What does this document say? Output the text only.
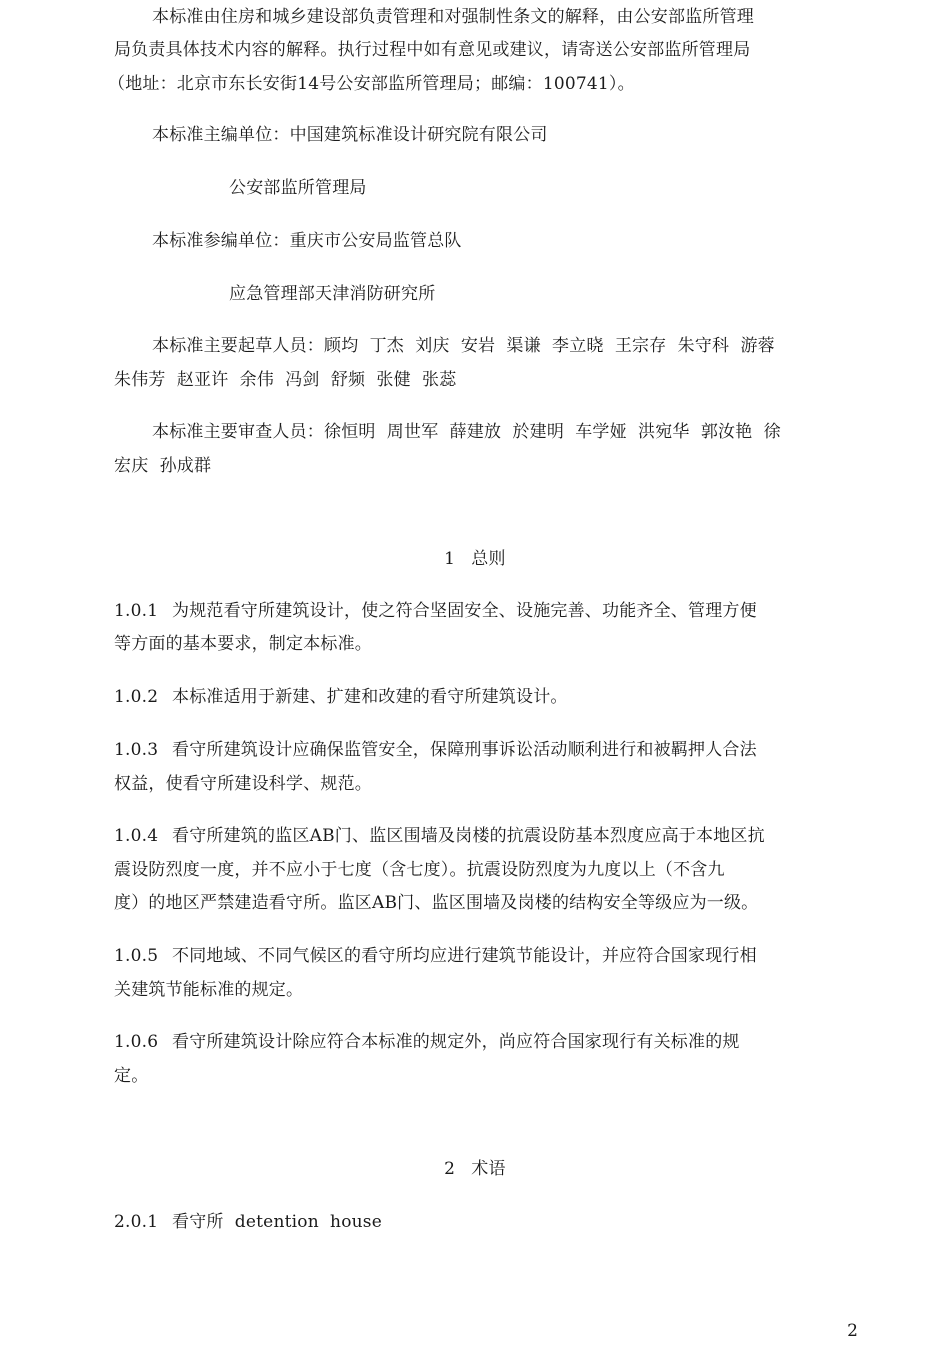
本标准由住房和城乡建设部负责管理和对强制性条文的解释，由公安部监所管理
局负责具体技术内容的解释。执行过程中如有意见或建议，请寄送公安部监所管理局
（地址：北京市东长安街14号公安部监所管理局；邮编：100741）。
本标准主编单位：中国建筑标准设计研究院有限公司
公安部监所管理局
本标准参编单位：重庆市公安局监管总队
应急管理部天津消防研究所
本标准主要起草人员：顾均  丁杰  刘庆  安岩  渠谦  李立晓  王宗存  朱守科  游蓉
朱伟芳  赵亚许  余伟  冯剑  舒频  张健  张蕊
本标准主要审查人员：徐恒明  周世军  薛建放  於建明  车学娅  洪宛华  郭汝艳  徐
宏庆  孙成群
1 总则
1.0.1 为规范看守所建筑设计，使之符合坚固安全、设施完善、功能齐全、管理方便
等方面的基本要求，制定本标准。
1.0.2 本标准适用于新建、扩建和改建的看守所建筑设计。
1.0.3 看守所建筑设计应确保监管安全，保障刑事诉讼活动顺利进行和被羁押人合法
权益，使看守所建设科学、规范。
1.0.4 看守所建筑的监区AB门、监区围墙及岗楼的抗震设防基本烈度应高于本地区抗
震设防烈度一度，并不应小于七度（含七度）。抗震设防烈度为九度以上（不含九
度）的地区严禁建造看守所。监区AB门、监区围墙及岗楼的结构安全等级应为一级。
1.0.5 不同地域、不同气候区的看守所均应进行建筑节能设计，并应符合国家现行相
关建筑节能标准的规定。
1.0.6 看守所建筑设计除应符合本标准的规定外，尚应符合国家现行有关标准的规
定。
2 术语
2.0.1 看守所  detention  house
2
